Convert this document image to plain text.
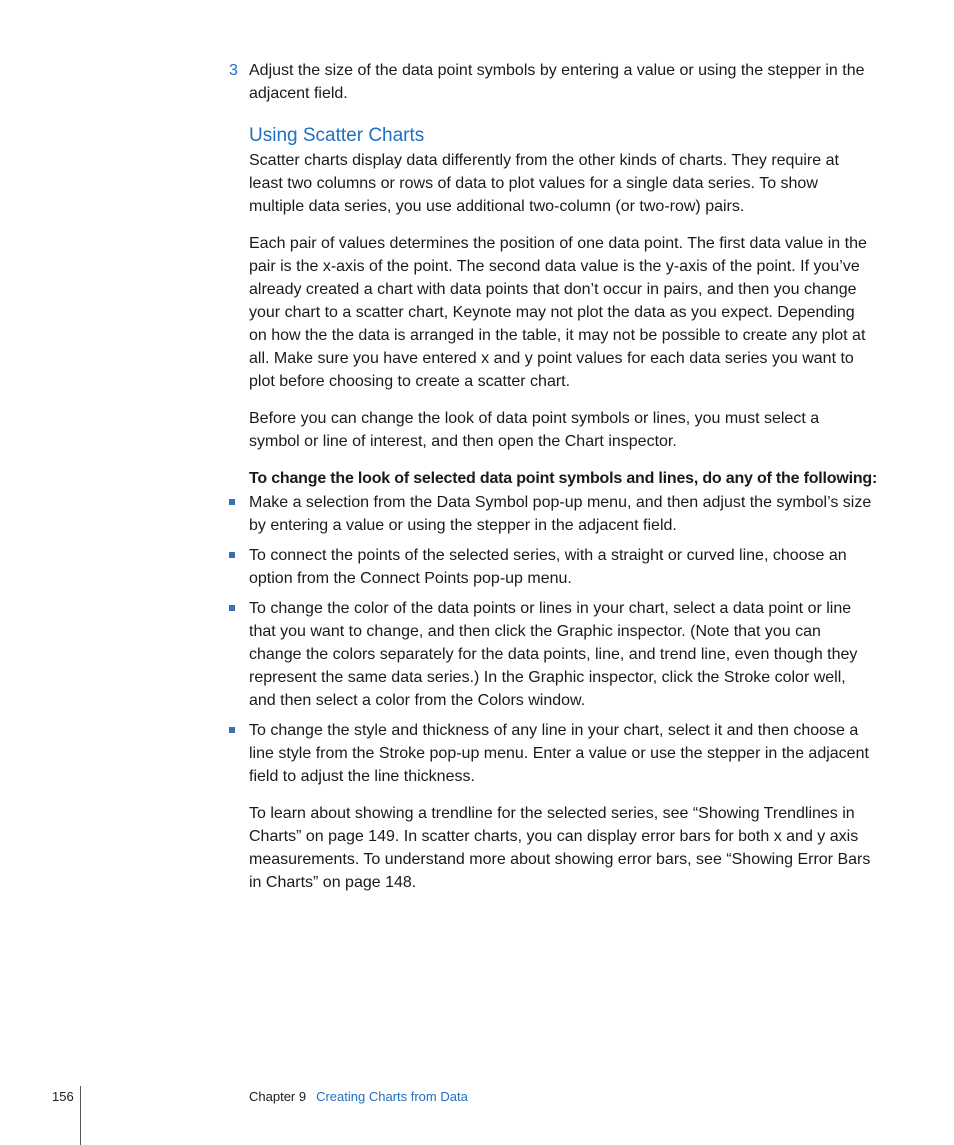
3 Adjust the size of the data point symbols by entering a value or using the stepper in the adjacent field.

Using Scatter Charts

Scatter charts display data differently from the other kinds of charts. They require at least two columns or rows of data to plot values for a single data series. To show multiple data series, you use additional two-column (or two-row) pairs.

Each pair of values determines the position of one data point. The first data value in the pair is the x-axis of the point. The second data value is the y-axis of the point. If you’ve already created a chart with data points that don’t occur in pairs, and then you change your chart to a scatter chart, Keynote may not plot the data as you expect. Depending on how the the data is arranged in the table, it may not be possible to create any plot at all. Make sure you have entered x and y point values for each data series you want to plot before choosing to create a scatter chart.

Before you can change the look of data point symbols or lines, you must select a symbol or line of interest, and then open the Chart inspector.

To change the look of selected data point symbols and lines, do any of the following:

Make a selection from the Data Symbol pop-up menu, and then adjust the symbol’s size by entering a value or using the stepper in the adjacent field.
To connect the points of the selected series, with a straight or curved line, choose an option from the Connect Points pop-up menu.
To change the color of the data points or lines in your chart, select a data point or line that you want to change, and then click the Graphic inspector. (Note that you can change the colors separately for the data points, line, and trend line, even though they represent the same data series.) In the Graphic inspector, click the Stroke color well, and then select a color from the Colors window.
To change the style and thickness of any line in your chart, select it and then choose a line style from the Stroke pop-up menu. Enter a value or use the stepper in the adjacent field to adjust the line thickness.

To learn about showing a trendline for the selected series, see “Showing Trendlines in Charts” on page 149. In scatter charts, you can display error bars for both x and y axis measurements. To understand more about showing error bars, see “Showing Error Bars in Charts” on page 148.

156	Chapter 9 Creating Charts from Data
